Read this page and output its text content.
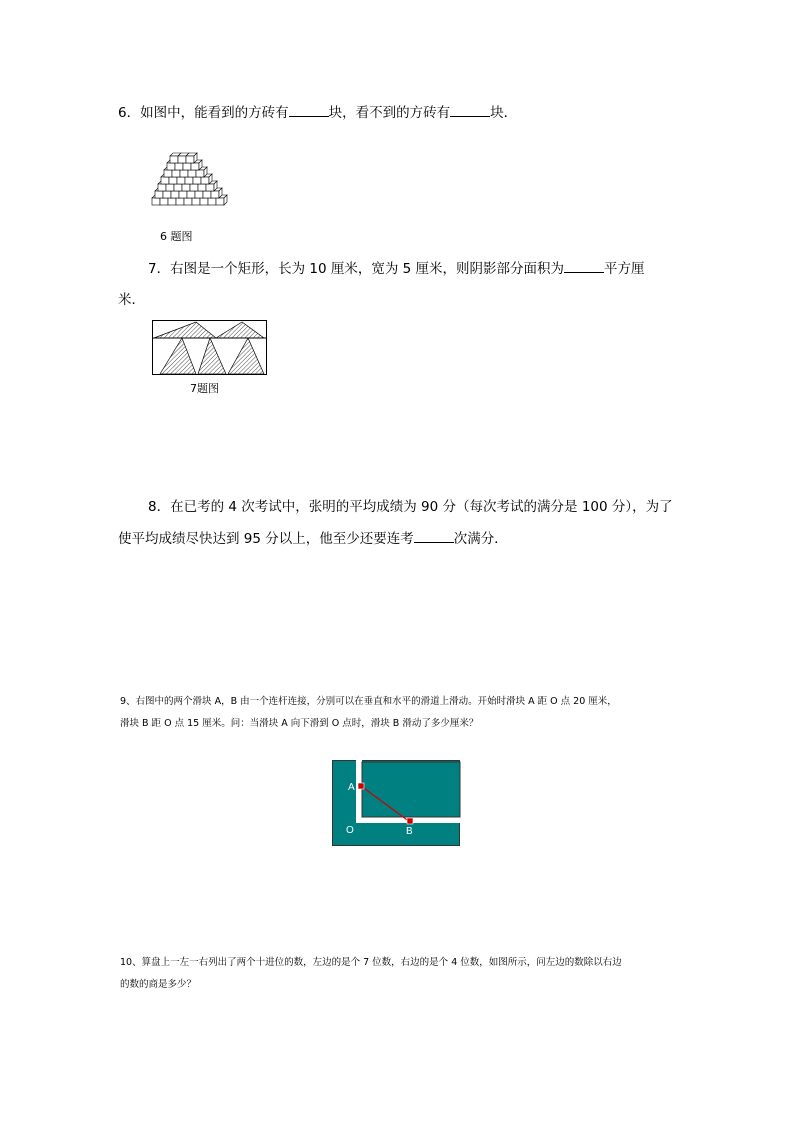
6．如图中，能看到的方砖有	块，看不到的方砖有	块．
6 题图
7．右图是一个矩形，长为 10 厘米，宽为 5 厘米，则阴影部分面积为	平方厘
米．
7题图
8．在已考的 4 次考试中，张明的平均成绩为 90 分（每次考试的满分是 100 分），为了
使平均成绩尽快达到 95 分以上，他至少还要连考	次满分．
9、右图中的两个滑块 A，B 由一个连杆连接，分别可以在垂直和水平的滑道上滑动。开始时滑块 A 距 O 点 20 厘米，
滑块 B 距 O 点 15 厘米。问：当滑块 A 向下滑到 O 点时，滑块 B 滑动了多少厘米？
A
B
O
10、算盘上一左一右列出了两个十进位的数，左边的是个 7 位数，右边的是个 4 位数，如图所示，问左边的数除以右边
的数的商是多少？
